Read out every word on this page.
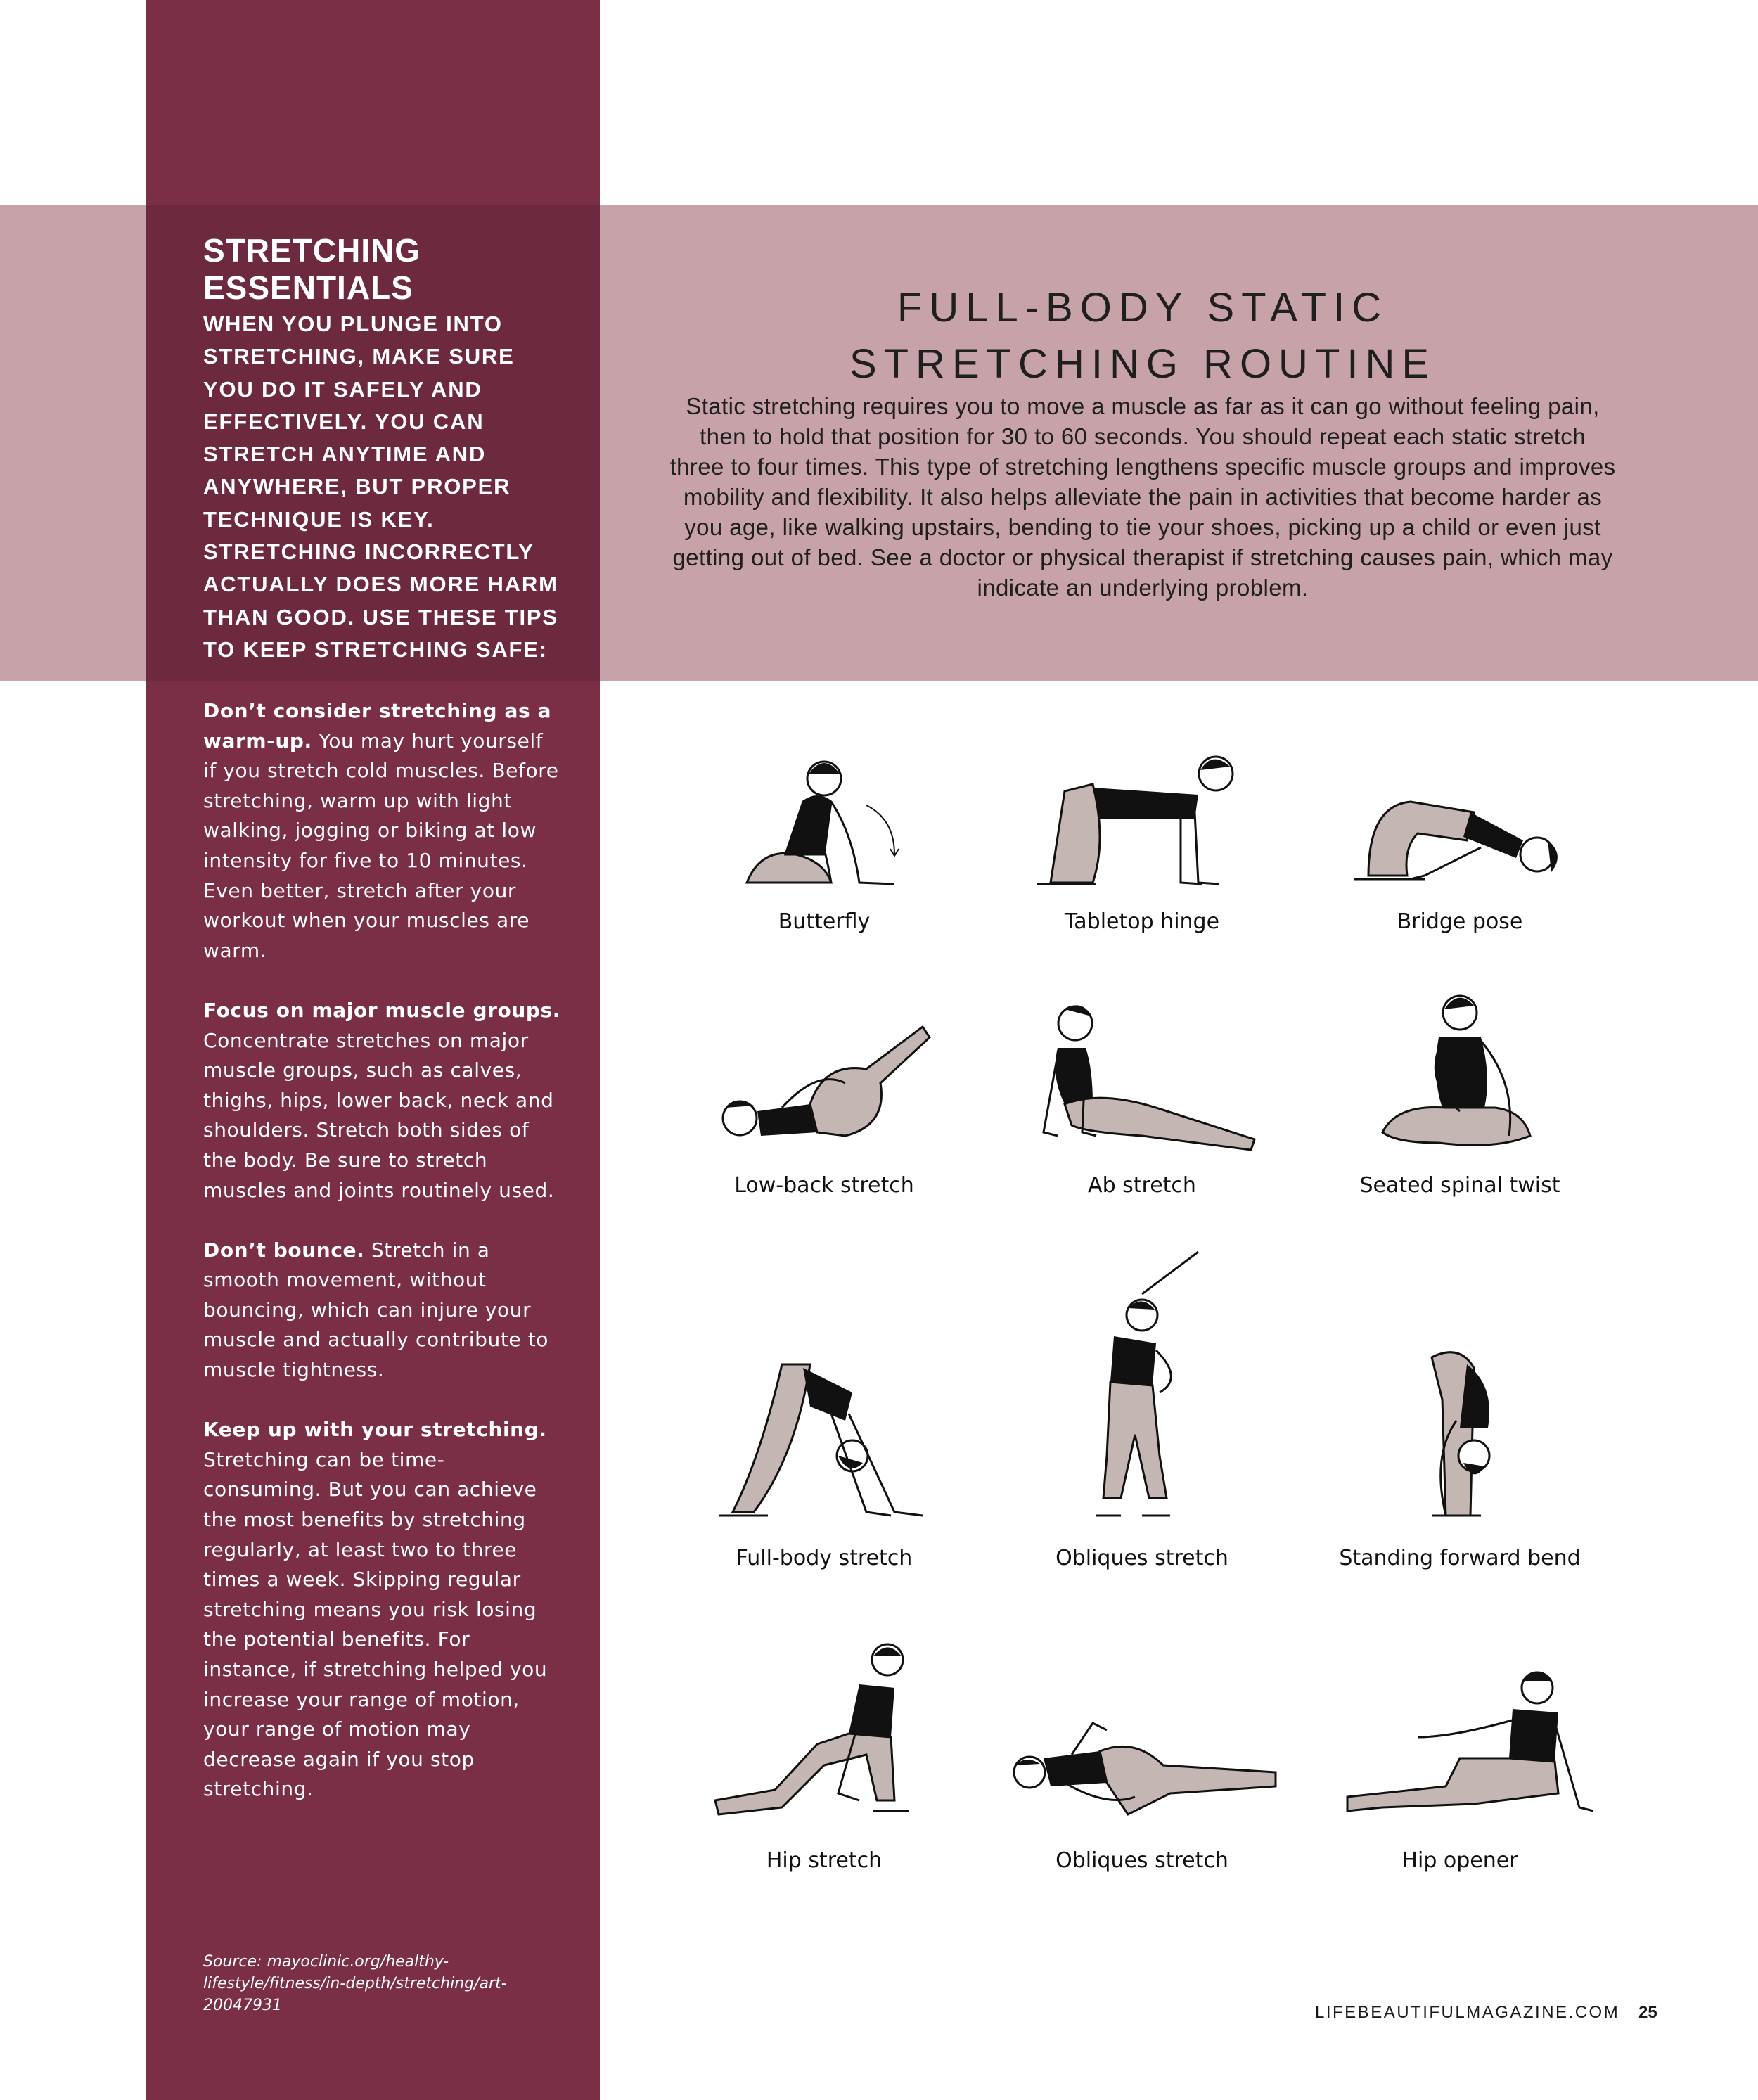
STRETCHING ESSENTIALS

WHEN YOU PLUNGE INTO STRETCHING, MAKE SURE YOU DO IT SAFELY AND EFFECTIVELY. YOU CAN STRETCH ANYTIME AND ANYWHERE, BUT PROPER TECHNIQUE IS KEY. STRETCHING INCORRECTLY ACTUALLY DOES MORE HARM THAN GOOD. USE THESE TIPS TO KEEP STRETCHING SAFE:

Don’t consider stretching as a warm-up. You may hurt yourself if you stretch cold muscles. Before stretching, warm up with light walking, jogging or biking at low intensity for five to 10 minutes. Even better, stretch after your workout when your muscles are warm.

Focus on major muscle groups. Concentrate stretches on major muscle groups, such as calves, thighs, hips, lower back, neck and shoulders. Stretch both sides of the body. Be sure to stretch muscles and joints routinely used.

Don’t bounce. Stretch in a smooth movement, without bouncing, which can injure your muscle and actually contribute to muscle tightness.

Keep up with your stretching. Stretching can be time-consuming. But you can achieve the most benefits by stretching regularly, at least two to three times a week. Skipping regular stretching means you risk losing the potential benefits. For instance, if stretching helped you increase your range of motion, your range of motion may decrease again if you stop stretching.

Source: mayoclinic.org/healthy-lifestyle/fitness/in-depth/stretching/art-20047931

FULL-BODY STATIC
STRETCHING ROUTINE

Static stretching requires you to move a muscle as far as it can go without feeling pain, then to hold that position for 30 to 60 seconds. You should repeat each static stretch three to four times. This type of stretching lengthens specific muscle groups and improves mobility and flexibility. It also helps alleviate the pain in activities that become harder as you age, like walking upstairs, bending to tie your shoes, picking up a child or even just getting out of bed. See a doctor or physical therapist if stretching causes pain, which may indicate an underlying problem.

Butterfly	Tabletop hinge	Bridge pose
Low-back stretch	Ab stretch	Seated spinal twist
Full-body stretch	Obliques stretch	Standing forward bend
Hip stretch	Obliques stretch	Hip opener
LIFEBEAUTIFULMAGAZINE.COM 25
